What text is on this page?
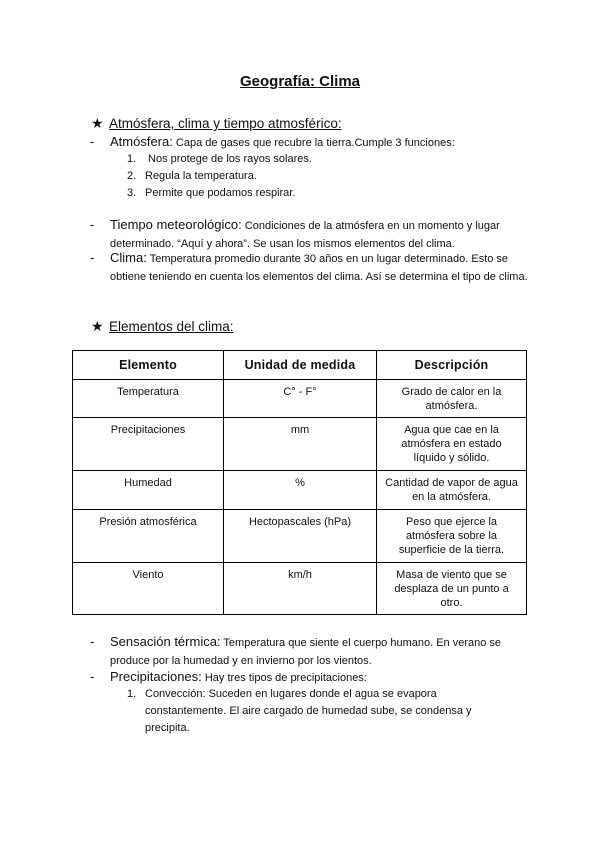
Geografía: Clima
★ Atmósfera, clima y tiempo atmosférico:
- Atmósfera: Capa de gases que recubre la tierra.Cumple 3 funciones:
1. Nos protege de los rayos solares.
2. Regula la temperatura.
3. Permite que podamos respirar.
- Tiempo meteorológico: Condiciones de la atmósfera en un momento y lugar determinado. “Aquí y ahora”. Se usan los mismos elementos del clima.
- Clima: Temperatura promedio durante 30 años en un lugar determinado. Esto se obtiene teniendo en cuenta los elementos del clima. Así se determina el tipo de clima.
★ Elementos del clima:
Elemento	Unidad de medida	Descripción
Temperatura	C° - F°	Grado de calor en la atmósfera.
Precipitaciones	mm	Agua que cae en la atmósfera en estado líquido y sólido.
Humedad	%	Cantidad de vapor de agua en la atmósfera.
Presión atmosférica	Hectopascales (hPa)	Peso que ejerce la atmósfera sobre la superficie de la tierra.
Viento	km/h	Masa de viento que se desplaza de un punto a otro.
- Sensación térmica: Temperatura que siente el cuerpo humano. En verano se produce por la humedad y en invierno por los vientos.
- Precipitaciones: Hay tres tipos de precipitaciones:
1. Convección: Suceden en lugares donde el agua se evapora constantemente. El aire cargado de humedad sube, se condensa y precipita.
